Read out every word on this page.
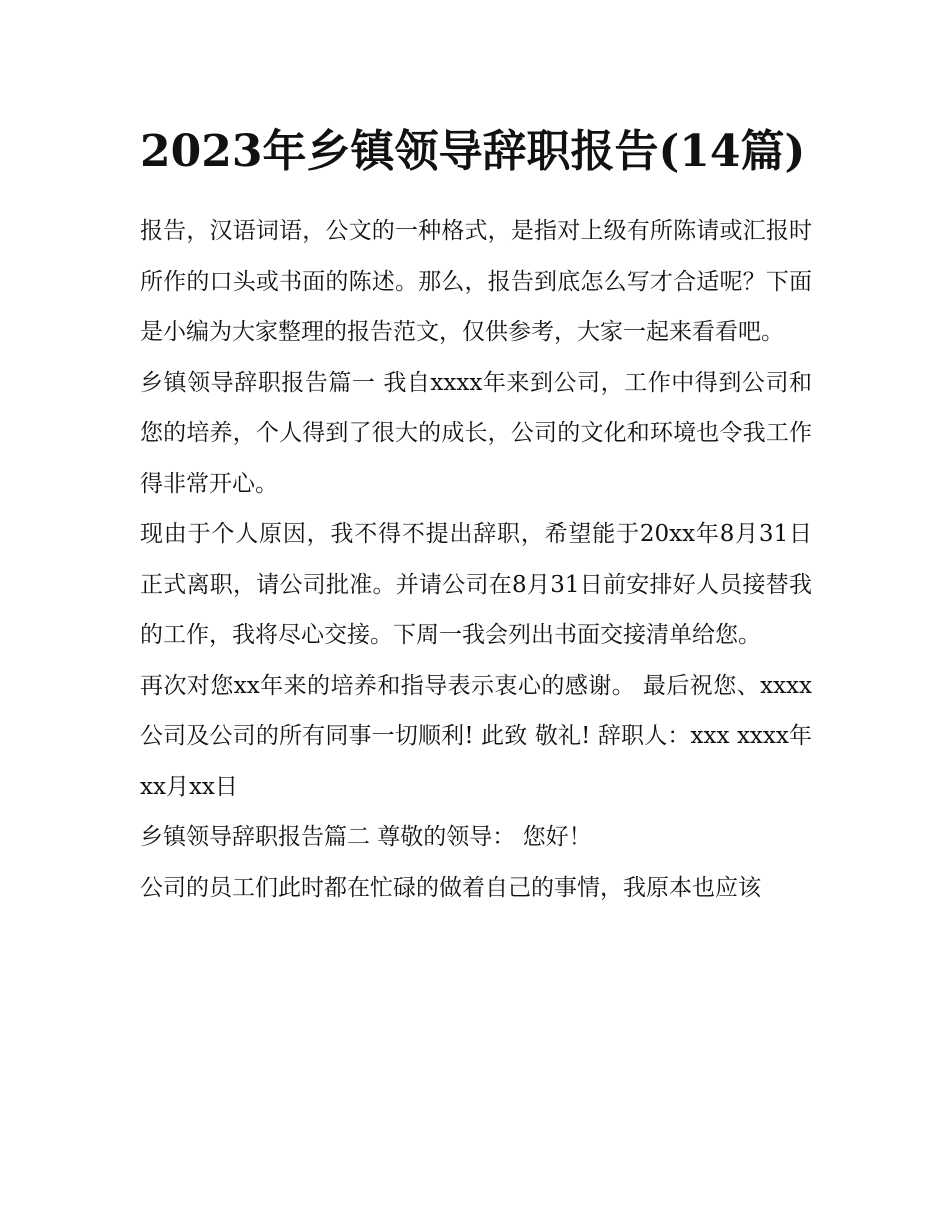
2023年乡镇领导辞职报告(14篇)

报告，汉语词语，公文的一种格式，是指对上级有所陈请或汇报时所作的口头或书面的陈述。那么，报告到底怎么写才合适呢？下面是小编为大家整理的报告范文，仅供参考，大家一起来看看吧。

乡镇领导辞职报告篇一 我自xxxx年来到公司，工作中得到公司和您的培养，个人得到了很大的成长，公司的文化和环境也令我工作得非常开心。

现由于个人原因，我不得不提出辞职，希望能于20xx年8月31日正式离职，请公司批准。并请公司在8月31日前安排好人员接替我的工作，我将尽心交接。下周一我会列出书面交接清单给您。

再次对您xx年来的培养和指导表示衷心的感谢。 最后祝您、xxxx公司及公司的所有同事一切顺利! 此致 敬礼! 辞职人：xxx xxxx年xx月xx日

乡镇领导辞职报告篇二 尊敬的领导： 您好！

公司的员工们此时都在忙碌的做着自己的事情，我原本也应该
